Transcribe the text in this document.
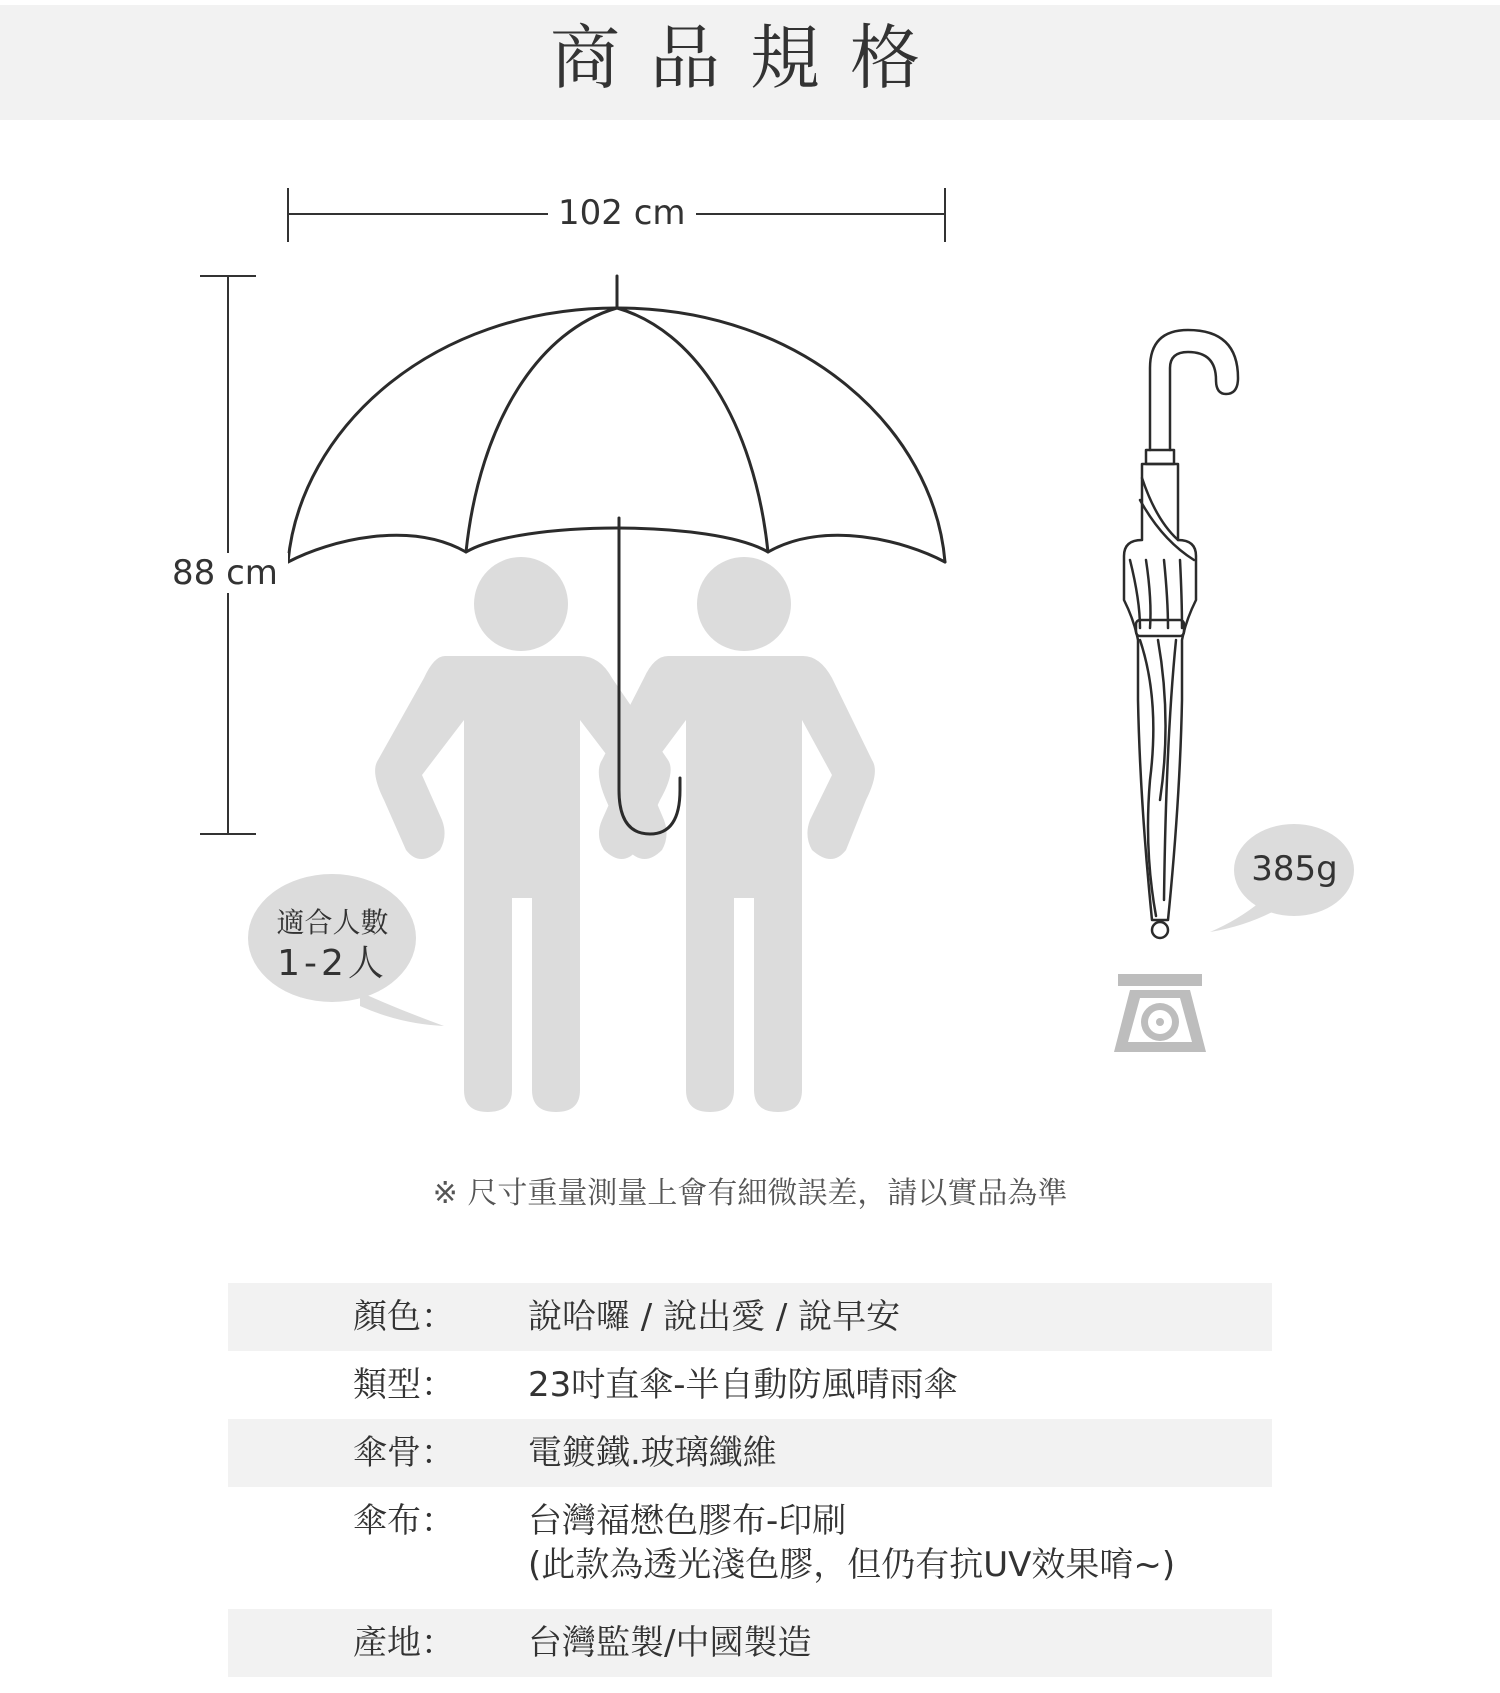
商品規格
102 cm
88 cm
適合人數
1-2人
385g
※ 尺寸重量測量上會有細微誤差，請以實品為準
顏色：	說哈囉 / 說出愛 / 說早安
類型：	23吋直傘-半自動防風晴雨傘
傘骨：	電鍍鐵.玻璃纖維
傘布：	台灣福懋色膠布-印刷
(此款為透光淺色膠，但仍有抗UV效果唷~)
產地：	台灣監製/中國製造
